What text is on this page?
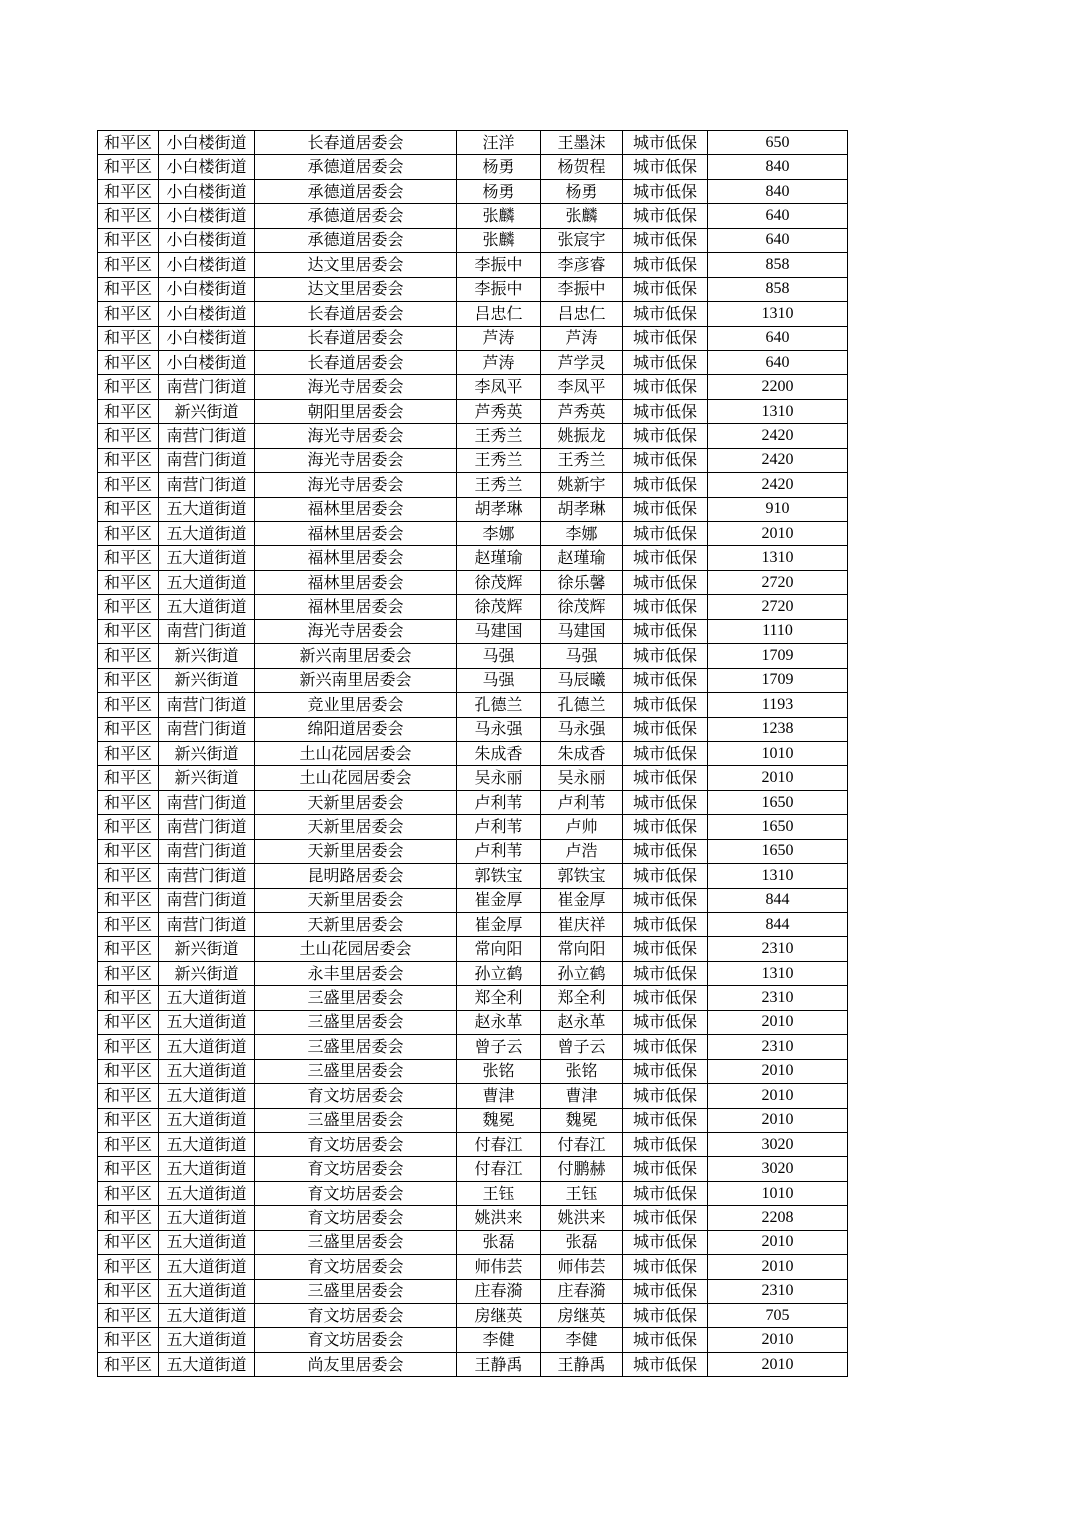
和平区	小白楼街道	长春道居委会	汪洋	王墨沫	城市低保	650
和平区	小白楼街道	承德道居委会	杨勇	杨贺程	城市低保	840
和平区	小白楼街道	承德道居委会	杨勇	杨勇	城市低保	840
和平区	小白楼街道	承德道居委会	张麟	张麟	城市低保	640
和平区	小白楼街道	承德道居委会	张麟	张宸宇	城市低保	640
和平区	小白楼街道	达文里居委会	李振中	李彦睿	城市低保	858
和平区	小白楼街道	达文里居委会	李振中	李振中	城市低保	858
和平区	小白楼街道	长春道居委会	吕忠仁	吕忠仁	城市低保	1310
和平区	小白楼街道	长春道居委会	芦涛	芦涛	城市低保	640
和平区	小白楼街道	长春道居委会	芦涛	芦学灵	城市低保	640
和平区	南营门街道	海光寺居委会	李凤平	李凤平	城市低保	2200
和平区	新兴街道	朝阳里居委会	芦秀英	芦秀英	城市低保	1310
和平区	南营门街道	海光寺居委会	王秀兰	姚振龙	城市低保	2420
和平区	南营门街道	海光寺居委会	王秀兰	王秀兰	城市低保	2420
和平区	南营门街道	海光寺居委会	王秀兰	姚新宇	城市低保	2420
和平区	五大道街道	福林里居委会	胡孝琳	胡孝琳	城市低保	910
和平区	五大道街道	福林里居委会	李娜	李娜	城市低保	2010
和平区	五大道街道	福林里居委会	赵瑾瑜	赵瑾瑜	城市低保	1310
和平区	五大道街道	福林里居委会	徐茂辉	徐乐馨	城市低保	2720
和平区	五大道街道	福林里居委会	徐茂辉	徐茂辉	城市低保	2720
和平区	南营门街道	海光寺居委会	马建国	马建国	城市低保	1110
和平区	新兴街道	新兴南里居委会	马强	马强	城市低保	1709
和平区	新兴街道	新兴南里居委会	马强	马辰曦	城市低保	1709
和平区	南营门街道	竞业里居委会	孔德兰	孔德兰	城市低保	1193
和平区	南营门街道	绵阳道居委会	马永强	马永强	城市低保	1238
和平区	新兴街道	土山花园居委会	朱成香	朱成香	城市低保	1010
和平区	新兴街道	土山花园居委会	吴永丽	吴永丽	城市低保	2010
和平区	南营门街道	天新里居委会	卢利苇	卢利苇	城市低保	1650
和平区	南营门街道	天新里居委会	卢利苇	卢帅	城市低保	1650
和平区	南营门街道	天新里居委会	卢利苇	卢浩	城市低保	1650
和平区	南营门街道	昆明路居委会	郭铁宝	郭铁宝	城市低保	1310
和平区	南营门街道	天新里居委会	崔金厚	崔金厚	城市低保	844
和平区	南营门街道	天新里居委会	崔金厚	崔庆祥	城市低保	844
和平区	新兴街道	土山花园居委会	常向阳	常向阳	城市低保	2310
和平区	新兴街道	永丰里居委会	孙立鹤	孙立鹤	城市低保	1310
和平区	五大道街道	三盛里居委会	郑全利	郑全利	城市低保	2310
和平区	五大道街道	三盛里居委会	赵永革	赵永革	城市低保	2010
和平区	五大道街道	三盛里居委会	曾子云	曾子云	城市低保	2310
和平区	五大道街道	三盛里居委会	张铭	张铭	城市低保	2010
和平区	五大道街道	育文坊居委会	曹津	曹津	城市低保	2010
和平区	五大道街道	三盛里居委会	魏冕	魏冕	城市低保	2010
和平区	五大道街道	育文坊居委会	付春江	付春江	城市低保	3020
和平区	五大道街道	育文坊居委会	付春江	付鹏赫	城市低保	3020
和平区	五大道街道	育文坊居委会	王钰	王钰	城市低保	1010
和平区	五大道街道	育文坊居委会	姚洪来	姚洪来	城市低保	2208
和平区	五大道街道	三盛里居委会	张磊	张磊	城市低保	2010
和平区	五大道街道	育文坊居委会	师伟芸	师伟芸	城市低保	2010
和平区	五大道街道	三盛里居委会	庄春漪	庄春漪	城市低保	2310
和平区	五大道街道	育文坊居委会	房继英	房继英	城市低保	705
和平区	五大道街道	育文坊居委会	李健	李健	城市低保	2010
和平区	五大道街道	尚友里居委会	王静禹	王静禹	城市低保	2010
